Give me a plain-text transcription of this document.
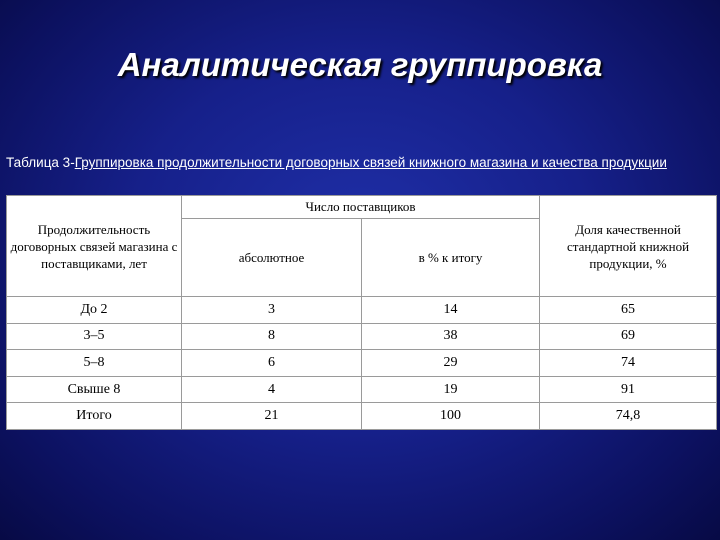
Аналитическая группировка
Таблица 3-Группировка продолжительности договорных связей книжного магазина и качества продукции
Продолжительность договорных связей магазина с поставщиками, лет	Число поставщиков		Доля качественной стандартной книжной продукции, %
	абсолютное	в % к итогу	
До 2	3	14	65
3–5	8	38	69
5–8	6	29	74
Свыше 8	4	19	91
Итого	21	100	74,8
